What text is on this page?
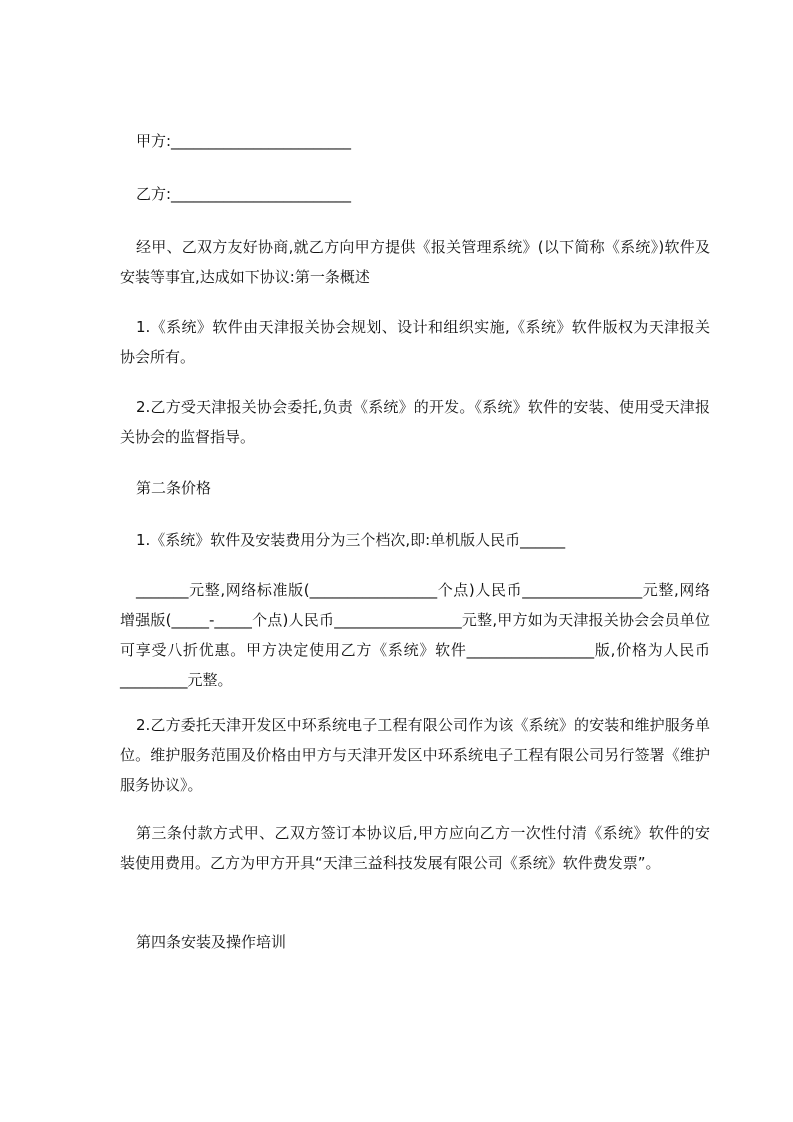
甲方:________________________

乙方:________________________

经甲、乙双方友好协商,就乙方向甲方提供《报关管理系统》(以下简称《系统》)软件及安装等事宜,达成如下协议:第一条概述

1.《系统》软件由天津报关协会规划、设计和组织实施,《系统》软件版权为天津报关协会所有。

2.乙方受天津报关协会委托,负责《系统》的开发。《系统》软件的安装、使用受天津报关协会的监督指导。

第二条价格

1.《系统》软件及安装费用分为三个档次,即:单机版人民币______

_______元整,网络标准版(_________________个点)人民币________________元整,网络增强版(_____-_____个点)人民币_________________元整,甲方如为天津报关协会会员单位可享受八折优惠。甲方决定使用乙方《系统》软件_________________版,价格为人民币_________元整。

2.乙方委托天津开发区中环系统电子工程有限公司作为该《系统》的安装和维护服务单位。维护服务范围及价格由甲方与天津开发区中环系统电子工程有限公司另行签署《维护服务协议》。

第三条付款方式甲、乙双方签订本协议后,甲方应向乙方一次性付清《系统》软件的安装使用费用。乙方为甲方开具“天津三益科技发展有限公司《系统》软件费发票”。

第四条安装及操作培训
